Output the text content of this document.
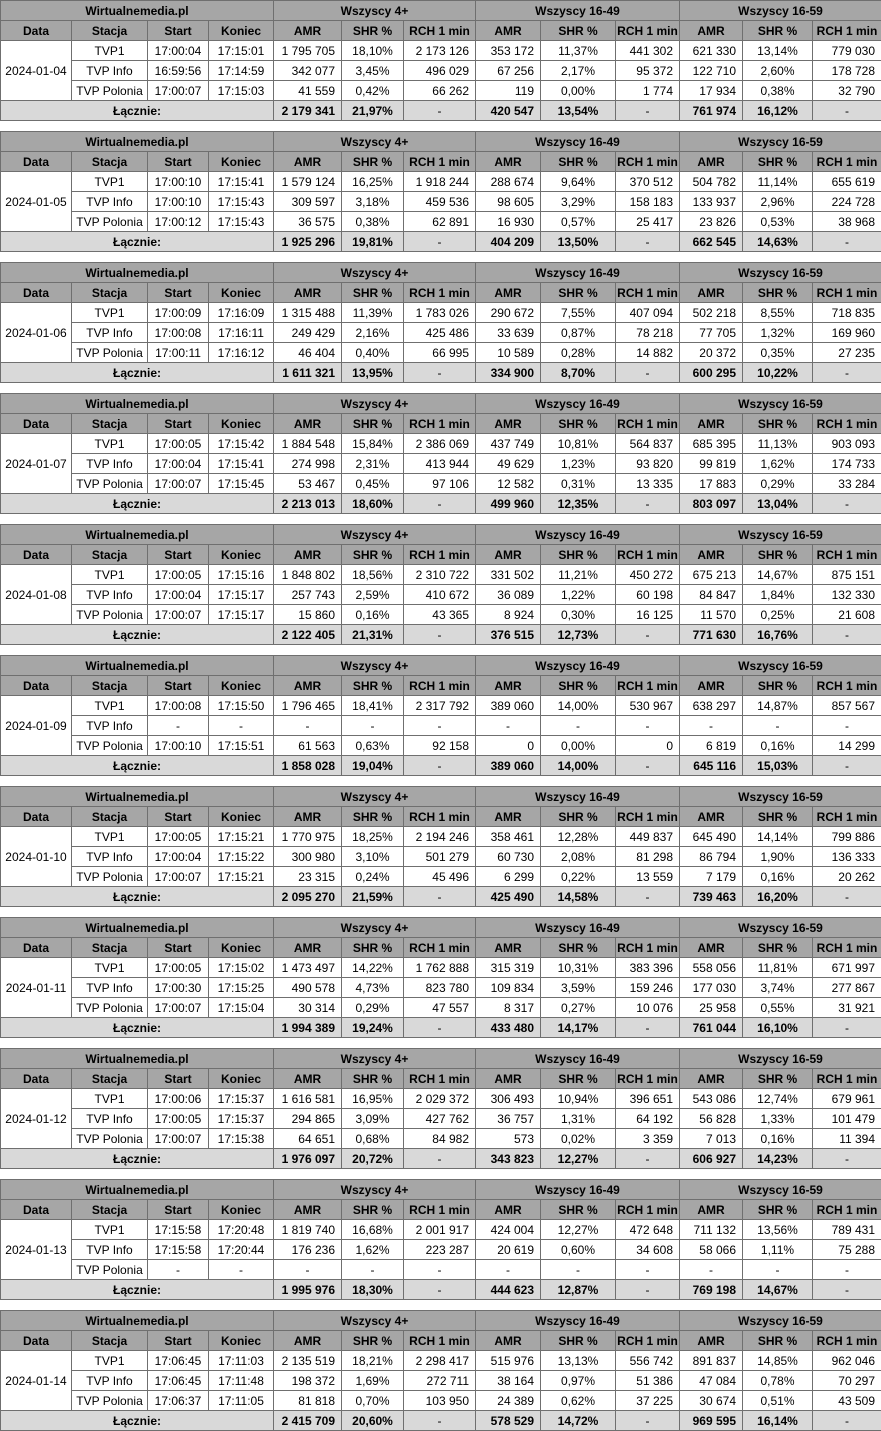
Wirtualnemedia.pl				Wszyscy 4+			Wszyscy 16-49			Wszyscy 16-59		
Data	Stacja	Start	Koniec	AMR	SHR %	RCH 1 min	AMR	SHR %	RCH 1 min	AMR	SHR %	RCH 1 min
2024-01-04	TVP1	17:00:04	17:15:01	1 795 705	18,10%	2 173 126	353 172	11,37%	441 302	621 330	13,14%	779 030
	TVP Info	16:59:56	17:14:59	342 077	3,45%	496 029	67 256	2,17%	95 372	122 710	2,60%	178 728
	TVP Polonia	17:00:07	17:15:03	41 559	0,42%	66 262	119	0,00%	1 774	17 934	0,38%	32 790
Łącznie:				2 179 341	21,97%	-	420 547	13,54%	-	761 974	16,12%	-
Wirtualnemedia.pl				Wszyscy 4+			Wszyscy 16-49			Wszyscy 16-59		
Data	Stacja	Start	Koniec	AMR	SHR %	RCH 1 min	AMR	SHR %	RCH 1 min	AMR	SHR %	RCH 1 min
2024-01-05	TVP1	17:00:10	17:15:41	1 579 124	16,25%	1 918 244	288 674	9,64%	370 512	504 782	11,14%	655 619
	TVP Info	17:00:10	17:15:43	309 597	3,18%	459 536	98 605	3,29%	158 183	133 937	2,96%	224 728
	TVP Polonia	17:00:12	17:15:43	36 575	0,38%	62 891	16 930	0,57%	25 417	23 826	0,53%	38 968
Łącznie:				1 925 296	19,81%	-	404 209	13,50%	-	662 545	14,63%	-
Wirtualnemedia.pl				Wszyscy 4+			Wszyscy 16-49			Wszyscy 16-59		
Data	Stacja	Start	Koniec	AMR	SHR %	RCH 1 min	AMR	SHR %	RCH 1 min	AMR	SHR %	RCH 1 min
2024-01-06	TVP1	17:00:09	17:16:09	1 315 488	11,39%	1 783 026	290 672	7,55%	407 094	502 218	8,55%	718 835
	TVP Info	17:00:08	17:16:11	249 429	2,16%	425 486	33 639	0,87%	78 218	77 705	1,32%	169 960
	TVP Polonia	17:00:11	17:16:12	46 404	0,40%	66 995	10 589	0,28%	14 882	20 372	0,35%	27 235
Łącznie:				1 611 321	13,95%	-	334 900	8,70%	-	600 295	10,22%	-
Wirtualnemedia.pl				Wszyscy 4+			Wszyscy 16-49			Wszyscy 16-59		
Data	Stacja	Start	Koniec	AMR	SHR %	RCH 1 min	AMR	SHR %	RCH 1 min	AMR	SHR %	RCH 1 min
2024-01-07	TVP1	17:00:05	17:15:42	1 884 548	15,84%	2 386 069	437 749	10,81%	564 837	685 395	11,13%	903 093
	TVP Info	17:00:04	17:15:41	274 998	2,31%	413 944	49 629	1,23%	93 820	99 819	1,62%	174 733
	TVP Polonia	17:00:07	17:15:45	53 467	0,45%	97 106	12 582	0,31%	13 335	17 883	0,29%	33 284
Łącznie:				2 213 013	18,60%	-	499 960	12,35%	-	803 097	13,04%	-
Wirtualnemedia.pl				Wszyscy 4+			Wszyscy 16-49			Wszyscy 16-59		
Data	Stacja	Start	Koniec	AMR	SHR %	RCH 1 min	AMR	SHR %	RCH 1 min	AMR	SHR %	RCH 1 min
2024-01-08	TVP1	17:00:05	17:15:16	1 848 802	18,56%	2 310 722	331 502	11,21%	450 272	675 213	14,67%	875 151
	TVP Info	17:00:04	17:15:17	257 743	2,59%	410 672	36 089	1,22%	60 198	84 847	1,84%	132 330
	TVP Polonia	17:00:07	17:15:17	15 860	0,16%	43 365	8 924	0,30%	16 125	11 570	0,25%	21 608
Łącznie:				2 122 405	21,31%	-	376 515	12,73%	-	771 630	16,76%	-
Wirtualnemedia.pl				Wszyscy 4+			Wszyscy 16-49			Wszyscy 16-59		
Data	Stacja	Start	Koniec	AMR	SHR %	RCH 1 min	AMR	SHR %	RCH 1 min	AMR	SHR %	RCH 1 min
2024-01-09	TVP1	17:00:08	17:15:50	1 796 465	18,41%	2 317 792	389 060	14,00%	530 967	638 297	14,87%	857 567
	TVP Info	-	-	-	-	-	-	-	-	-	-	-
	TVP Polonia	17:00:10	17:15:51	61 563	0,63%	92 158	0	0,00%	0	6 819	0,16%	14 299
Łącznie:				1 858 028	19,04%	-	389 060	14,00%	-	645 116	15,03%	-
Wirtualnemedia.pl				Wszyscy 4+			Wszyscy 16-49			Wszyscy 16-59		
Data	Stacja	Start	Koniec	AMR	SHR %	RCH 1 min	AMR	SHR %	RCH 1 min	AMR	SHR %	RCH 1 min
2024-01-10	TVP1	17:00:05	17:15:21	1 770 975	18,25%	2 194 246	358 461	12,28%	449 837	645 490	14,14%	799 886
	TVP Info	17:00:04	17:15:22	300 980	3,10%	501 279	60 730	2,08%	81 298	86 794	1,90%	136 333
	TVP Polonia	17:00:07	17:15:21	23 315	0,24%	45 496	6 299	0,22%	13 559	7 179	0,16%	20 262
Łącznie:				2 095 270	21,59%	-	425 490	14,58%	-	739 463	16,20%	-
Wirtualnemedia.pl				Wszyscy 4+			Wszyscy 16-49			Wszyscy 16-59		
Data	Stacja	Start	Koniec	AMR	SHR %	RCH 1 min	AMR	SHR %	RCH 1 min	AMR	SHR %	RCH 1 min
2024-01-11	TVP1	17:00:05	17:15:02	1 473 497	14,22%	1 762 888	315 319	10,31%	383 396	558 056	11,81%	671 997
	TVP Info	17:00:30	17:15:25	490 578	4,73%	823 780	109 834	3,59%	159 246	177 030	3,74%	277 867
	TVP Polonia	17:00:07	17:15:04	30 314	0,29%	47 557	8 317	0,27%	10 076	25 958	0,55%	31 921
Łącznie:				1 994 389	19,24%	-	433 480	14,17%	-	761 044	16,10%	-
Wirtualnemedia.pl				Wszyscy 4+			Wszyscy 16-49			Wszyscy 16-59		
Data	Stacja	Start	Koniec	AMR	SHR %	RCH 1 min	AMR	SHR %	RCH 1 min	AMR	SHR %	RCH 1 min
2024-01-12	TVP1	17:00:06	17:15:37	1 616 581	16,95%	2 029 372	306 493	10,94%	396 651	543 086	12,74%	679 961
	TVP Info	17:00:05	17:15:37	294 865	3,09%	427 762	36 757	1,31%	64 192	56 828	1,33%	101 479
	TVP Polonia	17:00:07	17:15:38	64 651	0,68%	84 982	573	0,02%	3 359	7 013	0,16%	11 394
Łącznie:				1 976 097	20,72%	-	343 823	12,27%	-	606 927	14,23%	-
Wirtualnemedia.pl				Wszyscy 4+			Wszyscy 16-49			Wszyscy 16-59		
Data	Stacja	Start	Koniec	AMR	SHR %	RCH 1 min	AMR	SHR %	RCH 1 min	AMR	SHR %	RCH 1 min
2024-01-13	TVP1	17:15:58	17:20:48	1 819 740	16,68%	2 001 917	424 004	12,27%	472 648	711 132	13,56%	789 431
	TVP Info	17:15:58	17:20:44	176 236	1,62%	223 287	20 619	0,60%	34 608	58 066	1,11%	75 288
	TVP Polonia	-	-	-	-	-	-	-	-	-	-	-
Łącznie:				1 995 976	18,30%	-	444 623	12,87%	-	769 198	14,67%	-
Wirtualnemedia.pl				Wszyscy 4+			Wszyscy 16-49			Wszyscy 16-59		
Data	Stacja	Start	Koniec	AMR	SHR %	RCH 1 min	AMR	SHR %	RCH 1 min	AMR	SHR %	RCH 1 min
2024-01-14	TVP1	17:06:45	17:11:03	2 135 519	18,21%	2 298 417	515 976	13,13%	556 742	891 837	14,85%	962 046
	TVP Info	17:06:45	17:11:48	198 372	1,69%	272 711	38 164	0,97%	51 386	47 084	0,78%	70 297
	TVP Polonia	17:06:37	17:11:05	81 818	0,70%	103 950	24 389	0,62%	37 225	30 674	0,51%	43 509
Łącznie:				2 415 709	20,60%	-	578 529	14,72%	-	969 595	16,14%	-
